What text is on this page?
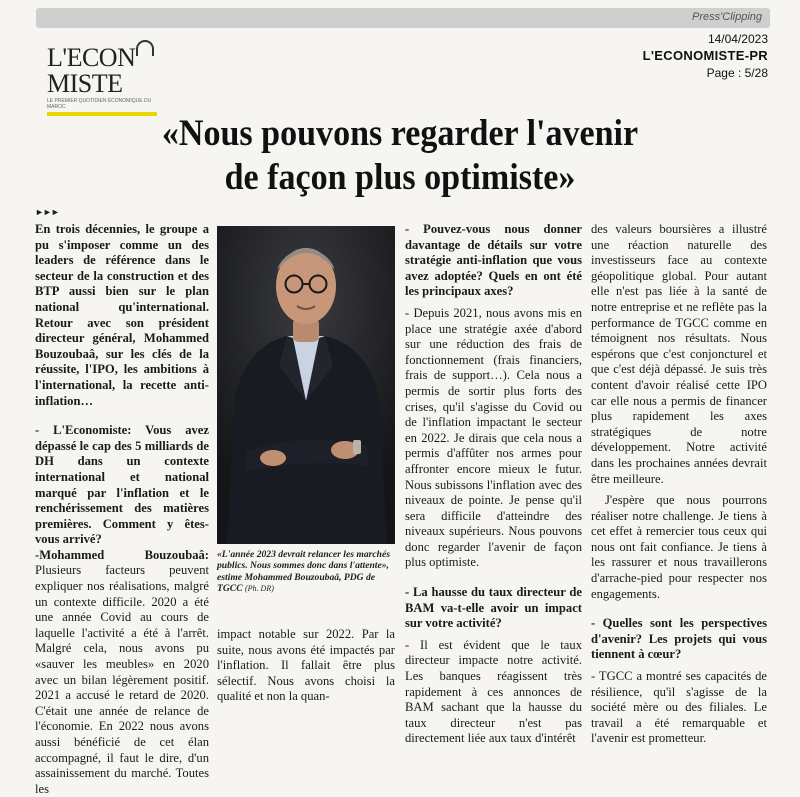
Press'Clipping
L'ECONMISTE
LE PREMIER QUOTIDIEN ÉCONOMIQUE DU MAROC
14/04/2023
L'ECONOMISTE-PR
Page : 5/28
«Nous pouvons regarder l'avenir
de façon plus optimiste»
►►►

En trois décennies, le groupe a pu s'imposer comme un des leaders de référence dans le secteur de la construction et des BTP aussi bien sur le plan national qu'international. Retour avec son président directeur général, Mohammed Bouzoubaâ, sur les clés de la réussite, l'IPO, les ambitions à l'international, la recette anti-inflation…

- L'Economiste: Vous avez dépassé le cap des 5 milliards de DH dans un contexte international et national marqué par l'inflation et le renchérissement des matières premières. Comment y êtes-vous arrivé?

-Mohammed Bouzoubaâ: Plusieurs facteurs peuvent expliquer nos réalisations, malgré un contexte difficile. 2020 a été une année Covid au cours de laquelle l'activité a été à l'arrêt. Malgré cela, nous avons pu «sauver les meubles» en 2020 avec un bilan légèrement positif. 2021 a accusé le retard de 2020. C'était une année de relance de l'économie. En 2022 nous avons aussi bénéficié de cet élan accompagné, il faut le dire, d'un assainissement du marché. Toutes les

«L'année 2023 devrait relancer les marchés publics. Nous sommes donc dans l'attente», estime Mohammed Bouzoubaâ, PDG de TGCC (Ph. DR)

impact notable sur 2022. Par la suite, nous avons été impactés par l'inflation. Il fallait être plus sélectif. Nous avons choisi la qualité et non la quan-

- Pouvez-vous nous donner davantage de détails sur votre stratégie anti-inflation que vous avez adoptée? Quels en ont été les principaux axes?

- Depuis 2021, nous avons mis en place une stratégie axée d'abord sur une réduction des frais de fonctionnement (frais financiers, frais de support…). Cela nous a permis de sortir plus forts des crises, qu'il s'agisse du Covid ou de l'inflation impactant le secteur en 2022. Je dirais que cela nous a permis d'affûter nos armes pour affronter encore mieux le futur. Nous subissons l'inflation avec des niveaux de pointe. Je pense qu'il sera difficile d'atteindre des niveaux supérieurs. Nous pouvons donc regarder l'avenir de façon plus optimiste.

- La hausse du taux directeur de BAM va-t-elle avoir un impact sur votre activité?

- Il est évident que le taux directeur impacte notre activité. Les banques réagissent très rapidement à ces annonces de BAM sachant que la hausse du taux directeur n'est pas directement liée aux taux d'intérêt

des valeurs boursières a illustré une réaction naturelle des investisseurs face au contexte géopolitique global. Pour autant elle n'est pas liée à la santé de notre entreprise et ne reflète pas la performance de TGCC comme en témoignent nos résultats. Nous espérons que c'est conjoncturel et que c'est déjà dépassé. Je suis très content d'avoir réalisé cette IPO car elle nous a permis de financer plus rapidement les axes stratégiques de notre développement. Notre activité dans les prochaines années devrait être meilleure.

J'espère que nous pourrons réaliser notre challenge. Je tiens à cet effet à remercier tous ceux qui nous ont fait confiance. Je tiens à les rassurer et nous travaillerons d'arrache-pied pour respecter nos engagements.

- Quelles sont les perspectives d'avenir? Les projets qui vous tiennent à cœur?

- TGCC a montré ses capacités de résilience, qu'il s'agisse de la société mère ou des filiales. Le travail a été remarquable et l'avenir est prometteur.
